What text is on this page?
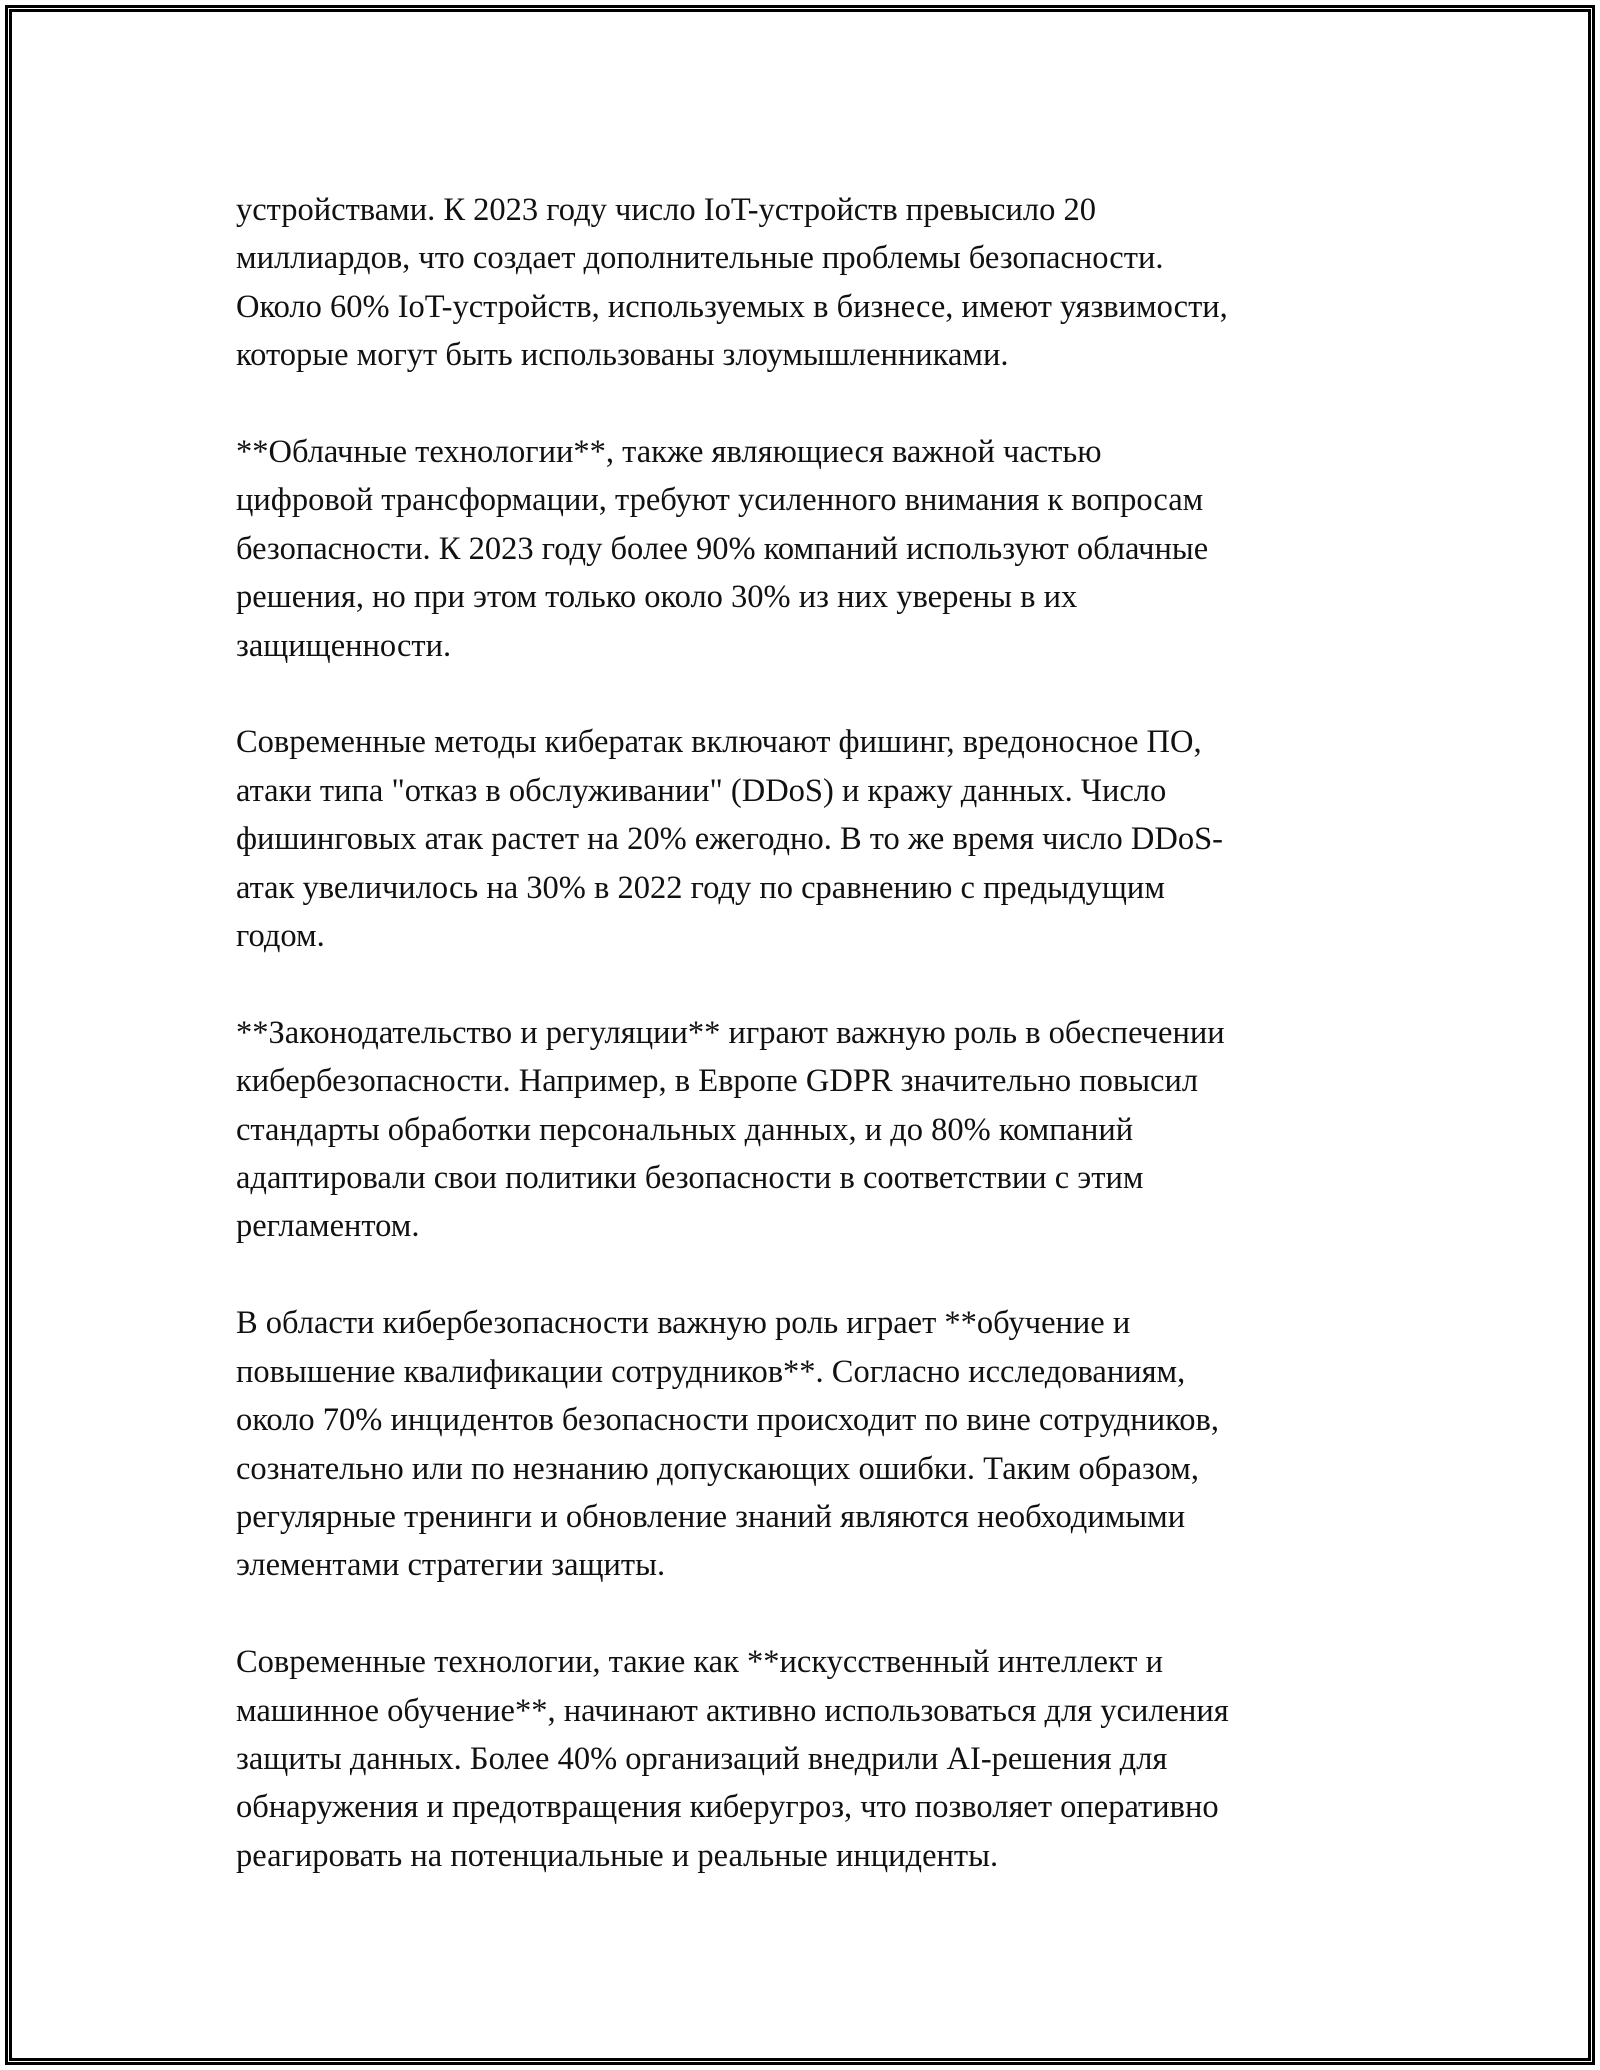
устройствами. К 2023 году число IoT-устройств превысило 20
миллиардов, что создает дополнительные проблемы безопасности.
Около 60% IoT-устройств, используемых в бизнесе, имеют уязвимости,
которые могут быть использованы злоумышленниками.

**Облачные технологии**, также являющиеся важной частью
цифровой трансформации, требуют усиленного внимания к вопросам
безопасности. К 2023 году более 90% компаний используют облачные
решения, но при этом только около 30% из них уверены в их
защищенности.

Современные методы кибератак включают фишинг, вредоносное ПО,
атаки типа "отказ в обслуживании" (DDoS) и кражу данных. Число
фишинговых атак растет на 20% ежегодно. В то же время число DDoS-
атак увеличилось на 30% в 2022 году по сравнению с предыдущим
годом.

**Законодательство и регуляции** играют важную роль в обеспечении
кибербезопасности. Например, в Европе GDPR значительно повысил
стандарты обработки персональных данных, и до 80% компаний
адаптировали свои политики безопасности в соответствии с этим
регламентом.

В области кибербезопасности важную роль играет **обучение и
повышение квалификации сотрудников**. Согласно исследованиям,
около 70% инцидентов безопасности происходит по вине сотрудников,
сознательно или по незнанию допускающих ошибки. Таким образом,
регулярные тренинги и обновление знаний являются необходимыми
элементами стратегии защиты.

Современные технологии, такие как **искусственный интеллект и
машинное обучение**, начинают активно использоваться для усиления
защиты данных. Более 40% организаций внедрили AI-решения для
обнаружения и предотвращения киберугроз, что позволяет оперативно
реагировать на потенциальные и реальные инциденты.
